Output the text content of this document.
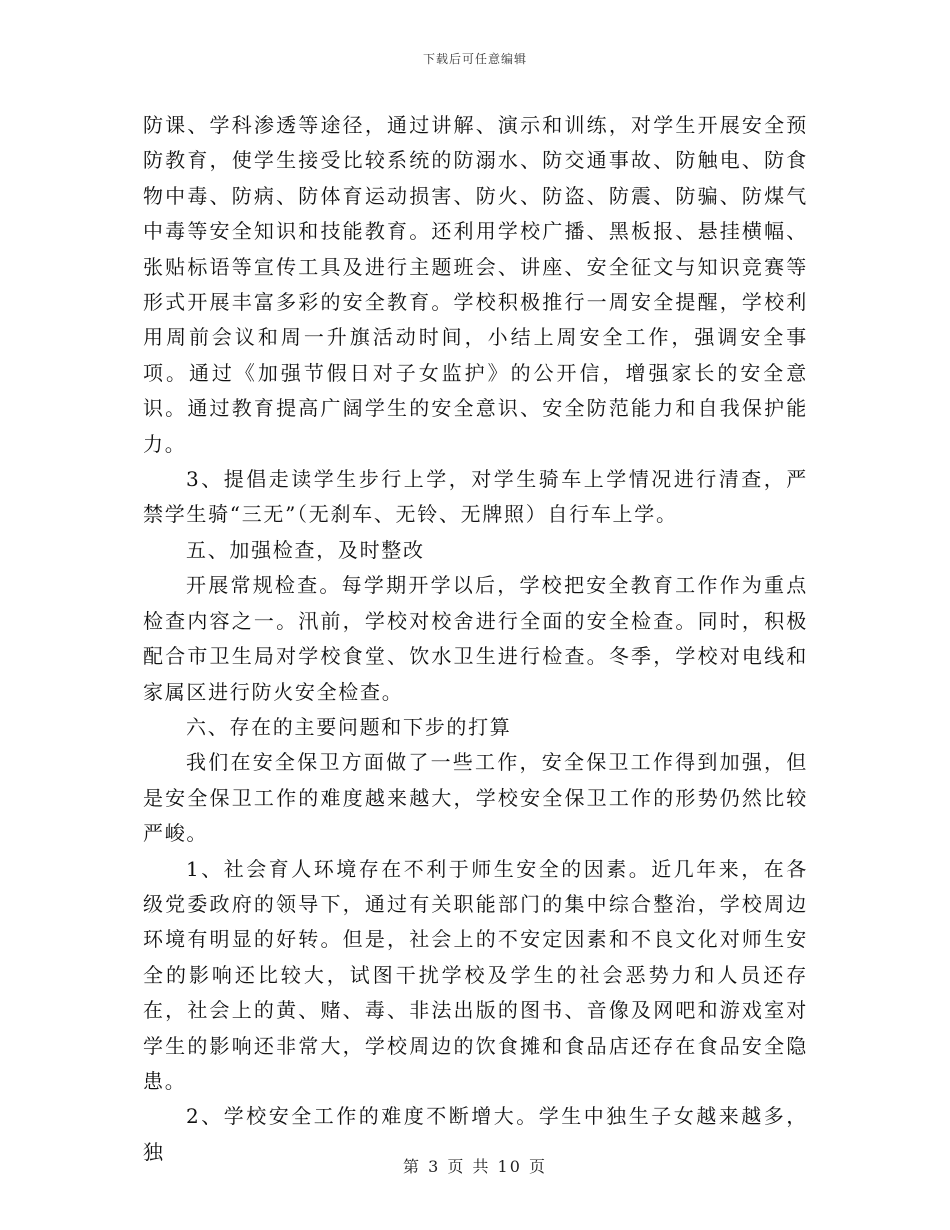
下载后可任意编辑

防课、学科渗透等途径，通过讲解、演示和训练，对学生开展安全预防教育，使学生接受比较系统的防溺水、防交通事故、防触电、防食物中毒、防病、防体育运动损害、防火、防盗、防震、防骗、防煤气中毒等安全知识和技能教育。还利用学校广播、黑板报、悬挂横幅、张贴标语等宣传工具及进行主题班会、讲座、安全征文与知识竞赛等形式开展丰富多彩的安全教育。学校积极推行一周安全提醒，学校利用周前会议和周一升旗活动时间，小结上周安全工作，强调安全事项。通过《加强节假日对子女监护》的公开信，增强家长的安全意识。通过教育提高广阔学生的安全意识、安全防范能力和自我保护能力。

3、提倡走读学生步行上学，对学生骑车上学情况进行清查，严禁学生骑“三无”（无刹车、无铃、无牌照）自行车上学。

五、加强检查，及时整改

开展常规检查。每学期开学以后，学校把安全教育工作作为重点检查内容之一。汛前，学校对校舍进行全面的安全检查。同时，积极配合市卫生局对学校食堂、饮水卫生进行检查。冬季，学校对电线和家属区进行防火安全检查。

六、存在的主要问题和下步的打算

我们在安全保卫方面做了一些工作，安全保卫工作得到加强，但是安全保卫工作的难度越来越大，学校安全保卫工作的形势仍然比较严峻。

1、社会育人环境存在不利于师生安全的因素。近几年来，在各级党委政府的领导下，通过有关职能部门的集中综合整治，学校周边环境有明显的好转。但是，社会上的不安定因素和不良文化对师生安全的影响还比较大，试图干扰学校及学生的社会恶势力和人员还存在，社会上的黄、赌、毒、非法出版的图书、音像及网吧和游戏室对学生的影响还非常大，学校周边的饮食摊和食品店还存在食品安全隐患。

2、学校安全工作的难度不断增大。学生中独生子女越来越多，独

第 3 页 共 10 页
